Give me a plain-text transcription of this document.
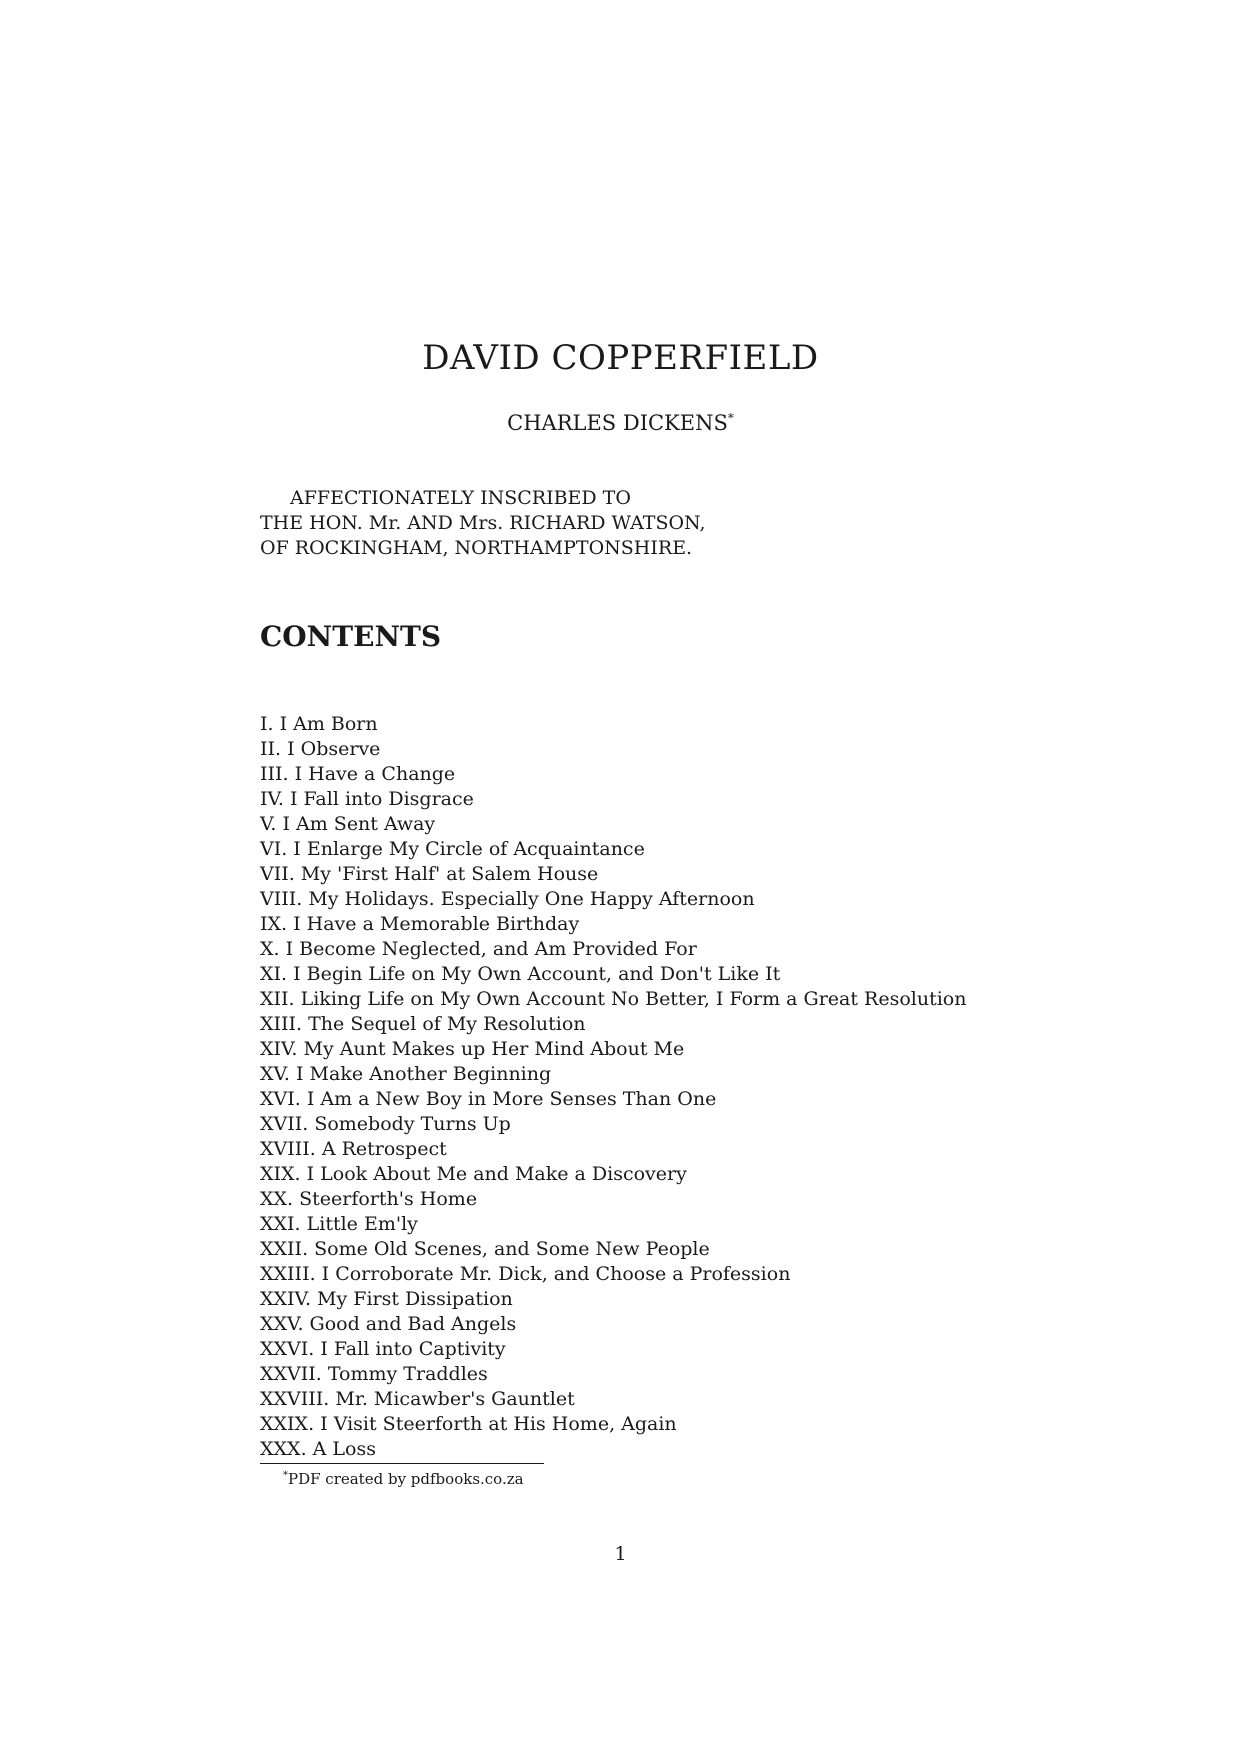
DAVID COPPERFIELD
CHARLES DICKENS*
AFFECTIONATELY INSCRIBED TO
THE HON. Mr. AND Mrs. RICHARD WATSON,
OF ROCKINGHAM, NORTHAMPTONSHIRE.
CONTENTS
I. I Am Born
II. I Observe
III. I Have a Change
IV. I Fall into Disgrace
V. I Am Sent Away
VI. I Enlarge My Circle of Acquaintance
VII. My 'First Half' at Salem House
VIII. My Holidays. Especially One Happy Afternoon
IX. I Have a Memorable Birthday
X. I Become Neglected, and Am Provided For
XI. I Begin Life on My Own Account, and Don't Like It
XII. Liking Life on My Own Account No Better, I Form a Great Resolution
XIII. The Sequel of My Resolution
XIV. My Aunt Makes up Her Mind About Me
XV. I Make Another Beginning
XVI. I Am a New Boy in More Senses Than One
XVII. Somebody Turns Up
XVIII. A Retrospect
XIX. I Look About Me and Make a Discovery
XX. Steerforth's Home
XXI. Little Em'ly
XXII. Some Old Scenes, and Some New People
XXIII. I Corroborate Mr. Dick, and Choose a Profession
XXIV. My First Dissipation
XXV. Good and Bad Angels
XXVI. I Fall into Captivity
XXVII. Tommy Traddles
XXVIII. Mr. Micawber's Gauntlet
XXIX. I Visit Steerforth at His Home, Again
XXX. A Loss
*PDF created by pdfbooks.co.za
1
